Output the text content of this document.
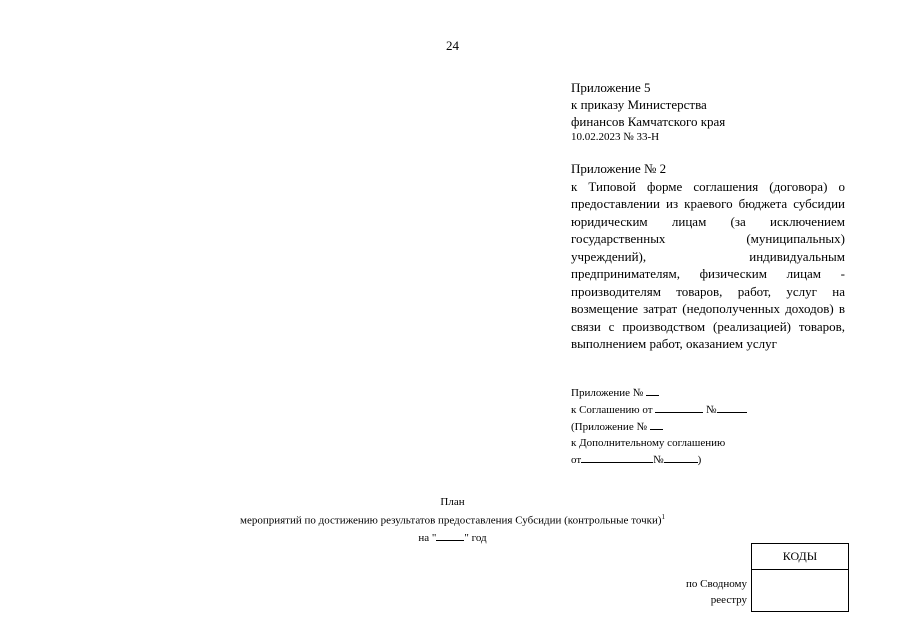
24
Приложение 5
к приказу Министерства
финансов Камчатского края
10.02.2023 № 33-Н
Приложение № 2
к Типовой форме соглашения (договора) о предоставлении из краевого бюджета субсидии юридическим лицам (за исключением государственных (муниципальных) учреждений), индивидуальным предпринимателям, физическим лицам - производителям товаров, работ, услуг на возмещение затрат (недополученных доходов) в связи с производством (реализацией) товаров, выполнением работ, оказанием услуг
Приложение №
к Соглашению от	№
(Приложение №
к Дополнительному соглашению
от	№	)
План
мероприятий по достижению результатов предоставления Субсидии (контрольные точки)$^1$
на "	" год
КОДЫ
по Сводному
реестру
